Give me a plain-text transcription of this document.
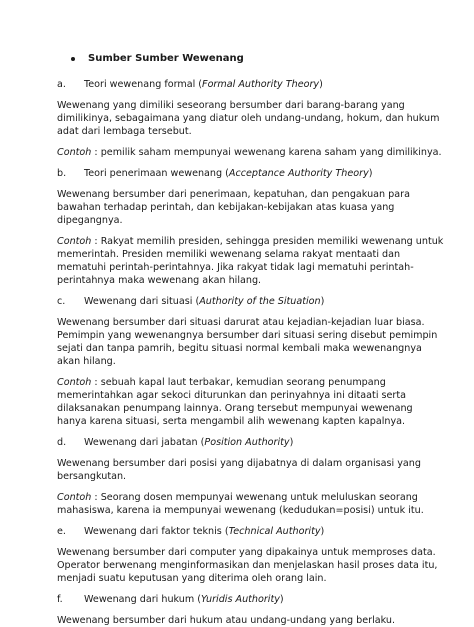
Sumber Sumber Wewenang
a.	Teori wewenang formal (Formal Authority Theory)

Wewenang yang dimiliki seseorang bersumber dari barang-barang yang dimilikinya, sebagaimana yang diatur oleh undang-undang, hokum, dan hukum adat dari lembaga tersebut.

Contoh : pemilik saham mempunyai wewenang karena saham yang dimilikinya.

b.	Teori penerimaan wewenang (Acceptance Authority Theory)

Wewenang bersumber dari penerimaan, kepatuhan, dan pengakuan para bawahan terhadap perintah, dan kebijakan-kebijakan atas kuasa yang dipegangnya.

Contoh : Rakyat memilih presiden, sehingga presiden memiliki wewenang untuk memerintah. Presiden memiliki wewenang selama rakyat mentaati dan mematuhi perintah-perintahnya. Jika rakyat tidak lagi mematuhi perintah-perintahnya maka wewenang akan hilang.

c.	Wewenang dari situasi (Authority of the Situation)

Wewenang bersumber dari situasi darurat atau kejadian-kejadian luar biasa. Pemimpin yang wewenangnya bersumber dari situasi sering disebut pemimpin sejati dan tanpa pamrih, begitu situasi normal kembali maka wewenangnya akan hilang.

Contoh : sebuah kapal laut terbakar, kemudian seorang penumpang memerintahkan agar sekoci diturunkan dan perinyahnya ini ditaati serta dilaksanakan penumpang lainnya. Orang tersebut mempunyai wewenang hanya karena situasi, serta mengambil alih wewenang kapten kapalnya.

d.	Wewenang dari jabatan (Position Authority)

Wewenang bersumber dari posisi yang dijabatnya di dalam organisasi yang bersangkutan.

Contoh : Seorang dosen mempunyai wewenang untuk meluluskan seorang mahasiswa, karena ia mempunyai wewenang (kedudukan=posisi) untuk itu.

e.	Wewenang dari faktor teknis (Technical Authority)

Wewenang bersumber dari computer yang dipakainya untuk memproses data. Operator berwenang menginformasikan dan menjelaskan hasil proses data itu, menjadi suatu keputusan yang diterima oleh orang lain.

f.	Wewenang dari hukum (Yuridis Authority)

Wewenang bersumber dari hukum atau undang-undang yang berlaku.
